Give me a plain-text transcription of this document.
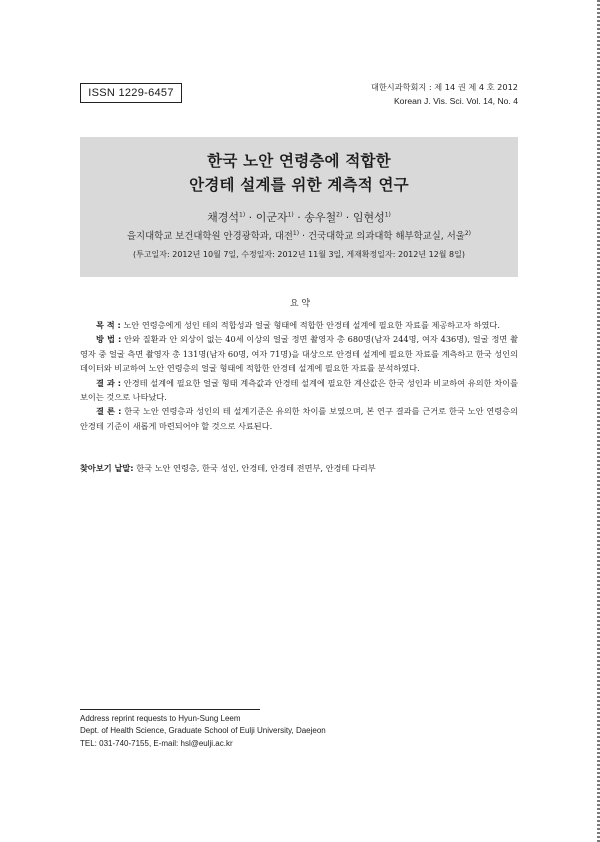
ISSN 1229-6457	대한시과학회지 : 제 14 권 제 4 호 2012
Korean J. Vis. Sci. Vol. 14, No. 4
한국 노안 연령층에 적합한
안경테 설계를 위한 계측적 연구
채경석$^{1)}$ · 이군자$^{1)}$ · 송우철$^{2)}$ · 임현성$^{1)}$
을지대학교 보건대학원 안경광학과, 대전$^{1)}$ · 건국대학교 의과대학 해부학교실, 서울$^{2)}$
(투고일자: 2012년 10월 7일, 수정일자: 2012년 11월 3일, 게재확정일자: 2012년 12월 8일)
요 약

목 적 : 노안 연령층에게 성인 테의 적합성과 얼굴 형태에 적합한 안경테 설계에 필요한 자료를 제공하고자 하였다.

방 법 : 안와 질환과 안 외상이 없는 40세 이상의 얼굴 정면 촬영자 총 680명(남자 244명, 여자 436명), 얼굴 정면 촬영자 중 얼굴 측면 촬영자 총 131명(남자 60명, 여자 71명)을 대상으로 안경테 설계에 필요한 자료를 계측하고 한국 성인의 데이터와 비교하여 노안 연령층의 얼굴 형태에 적합한 안경테 설계에 필요한 자료를 분석하였다.

결 과 : 안경테 설계에 필요한 얼굴 형태 계측값과 안경테 설계에 필요한 계산값은 한국 성인과 비교하여 유의한 차이를 보이는 것으로 나타났다.

결 론 : 한국 노안 연령층과 성인의 테 설계기준은 유의한 차이를 보였으며, 본 연구 결과를 근거로 한국 노안 연령층의 안경테 기준이 새롭게 마련되어야 할 것으로 사료된다.

찾아보기 낱말: 한국 노안 연령층, 한국 성인, 안경테, 안경테 전면부, 안경테 다리부
Address reprint requests to Hyun-Sung Leem
Dept. of Health Science, Graduate School of Eulji University, Daejeon
TEL: 031-740-7155, E-mail: hsl@eulji.ac.kr
